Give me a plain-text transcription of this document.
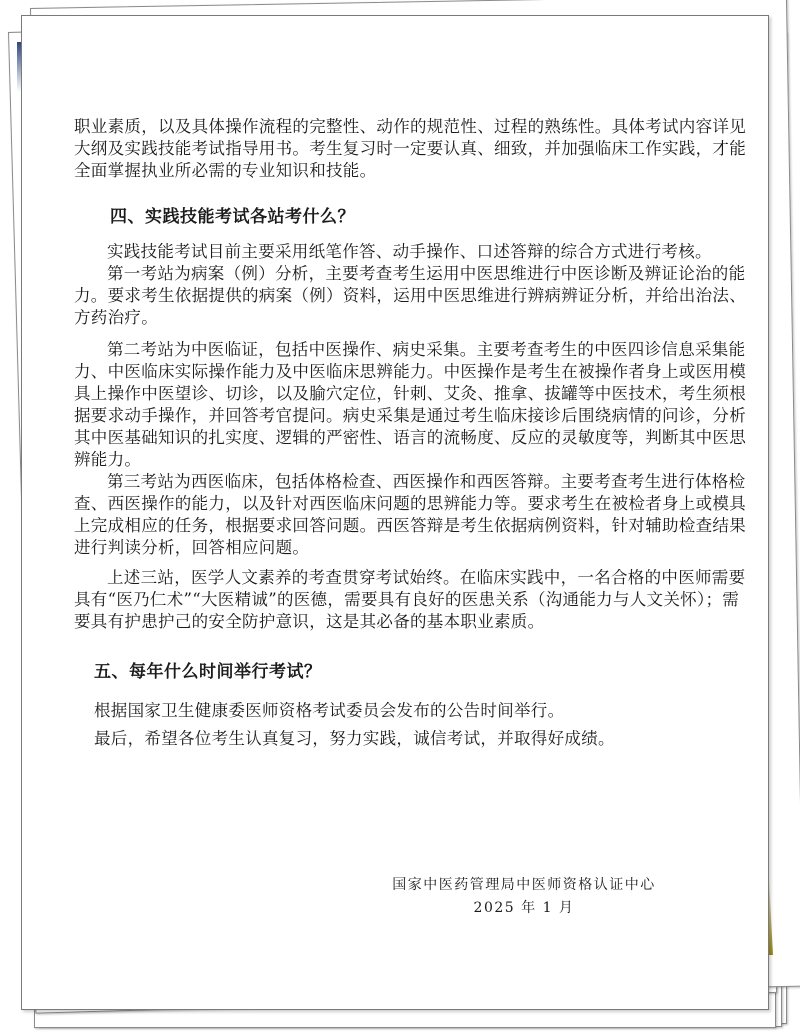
职业素质，以及具体操作流程的完整性、动作的规范性、过程的熟练性。具体考试内容详见大纲及实践技能考试指导用书。考生复习时一定要认真、细致，并加强临床工作实践，才能全面掌握执业所必需的专业知识和技能。

四、实践技能考试各站考什么？

实践技能考试目前主要采用纸笔作答、动手操作、口述答辩的综合方式进行考核。

第一考站为病案（例）分析，主要考查考生运用中医思维进行中医诊断及辨证论治的能力。要求考生依据提供的病案（例）资料，运用中医思维进行辨病辨证分析，并给出治法、方药治疗。

第二考站为中医临证，包括中医操作、病史采集。主要考查考生的中医四诊信息采集能力、中医临床实际操作能力及中医临床思辨能力。中医操作是考生在被操作者身上或医用模具上操作中医望诊、切诊，以及腧穴定位，针刺、艾灸、推拿、拔罐等中医技术，考生须根据要求动手操作，并回答考官提问。病史采集是通过考生临床接诊后围绕病情的问诊，分析其中医基础知识的扎实度、逻辑的严密性、语言的流畅度、反应的灵敏度等，判断其中医思辨能力。

第三考站为西医临床，包括体格检查、西医操作和西医答辩。主要考查考生进行体格检查、西医操作的能力，以及针对西医临床问题的思辨能力等。要求考生在被检者身上或模具上完成相应的任务，根据要求回答问题。西医答辩是考生依据病例资料，针对辅助检查结果进行判读分析，回答相应问题。

上述三站，医学人文素养的考查贯穿考试始终。在临床实践中，一名合格的中医师需要具有“医乃仁术”“大医精诚”的医德，需要具有良好的医患关系（沟通能力与人文关怀）；需要具有护患护己的安全防护意识，这是其必备的基本职业素质。

五、每年什么时间举行考试？

根据国家卫生健康委医师资格考试委员会发布的公告时间举行。

最后，希望各位考生认真复习，努力实践，诚信考试，并取得好成绩。

国家中医药管理局中医师资格认证中心
2025 年 1 月
